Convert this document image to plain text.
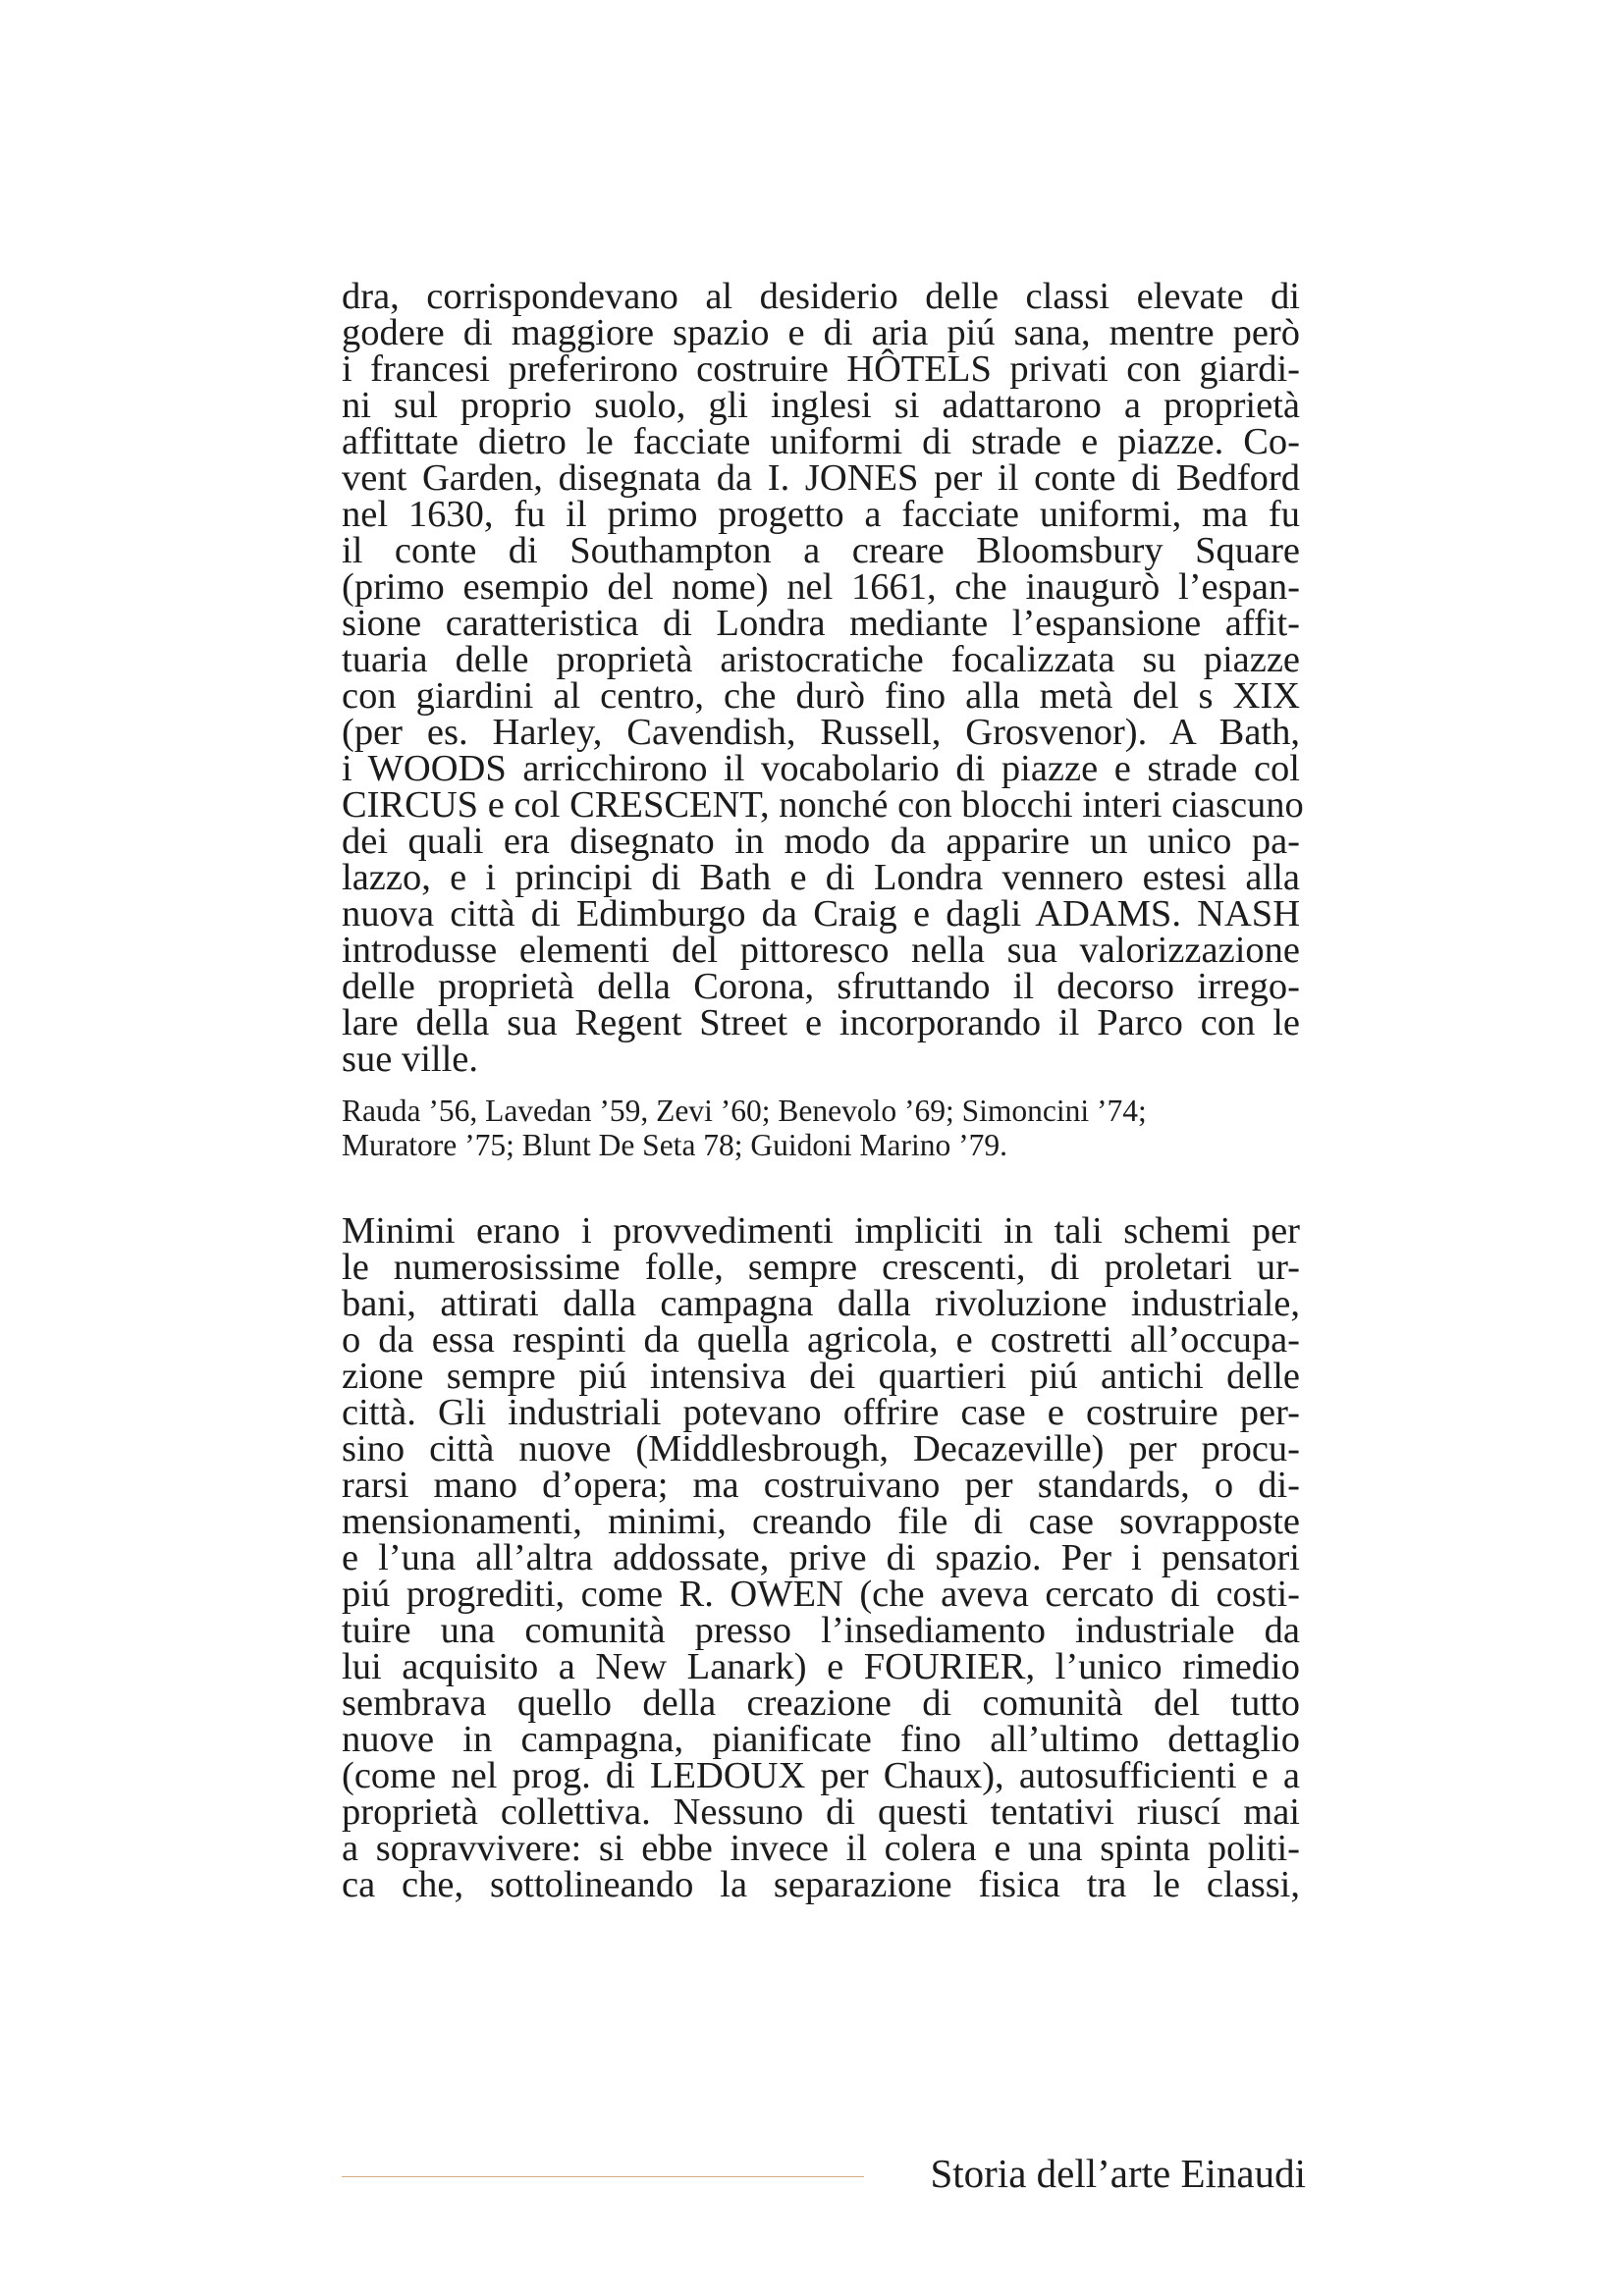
dra, corrispondevano al desiderio delle classi elevate di
godere di maggiore spazio e di aria piú sana, mentre però
i francesi preferirono costruire HÔTELS privati con giardi-
ni sul proprio suolo, gli inglesi si adattarono a proprietà
affittate dietro le facciate uniformi di strade e piazze. Co-
vent Garden, disegnata da I. JONES per il conte di Bedford
nel 1630, fu il primo progetto a facciate uniformi, ma fu
il conte di Southampton a creare Bloomsbury Square
(primo esempio del nome) nel 1661, che inaugurò l’espan-
sione caratteristica di Londra mediante l’espansione affit-
tuaria delle proprietà aristocratiche focalizzata su piazze
con giardini al centro, che durò fino alla metà del s XIX
(per es. Harley, Cavendish, Russell, Grosvenor). A Bath,
i WOODS arricchirono il vocabolario di piazze e strade col
CIRCUS e col CRESCENT, nonché con blocchi interi ciascuno
dei quali era disegnato in modo da apparire un unico pa-
lazzo, e i principi di Bath e di Londra vennero estesi alla
nuova città di Edimburgo da Craig e dagli ADAMS. NASH
introdusse elementi del pittoresco nella sua valorizzazione
delle proprietà della Corona, sfruttando il decorso irrego-
lare della sua Regent Street e incorporando il Parco con le
sue ville.
Rauda ’56, Lavedan ’59, Zevi ’60; Benevolo ’69; Simoncini ’74;
Muratore ’75; Blunt De Seta 78; Guidoni Marino ’79.
Minimi erano i provvedimenti impliciti in tali schemi per
le numerosissime folle, sempre crescenti, di proletari ur-
bani, attirati dalla campagna dalla rivoluzione industriale,
o da essa respinti da quella agricola, e costretti all’occupa-
zione sempre piú intensiva dei quartieri piú antichi delle
città. Gli industriali potevano offrire case e costruire per-
sino città nuove (Middlesbrough, Decazeville) per procu-
rarsi mano d’opera; ma costruivano per standards, o di-
mensionamenti, minimi, creando file di case sovrapposte
e l’una all’altra addossate, prive di spazio. Per i pensatori
piú progrediti, come R. OWEN (che aveva cercato di costi-
tuire una comunità presso l’insediamento industriale da
lui acquisito a New Lanark) e FOURIER, l’unico rimedio
sembrava quello della creazione di comunità del tutto
nuove in campagna, pianificate fino all’ultimo dettaglio
(come nel prog. di LEDOUX per Chaux), autosufficienti e a
proprietà collettiva. Nessuno di questi tentativi riuscí mai
a sopravvivere: si ebbe invece il colera e una spinta politi-
ca che, sottolineando la separazione fisica tra le classi,
Storia dell’arte Einaudi
